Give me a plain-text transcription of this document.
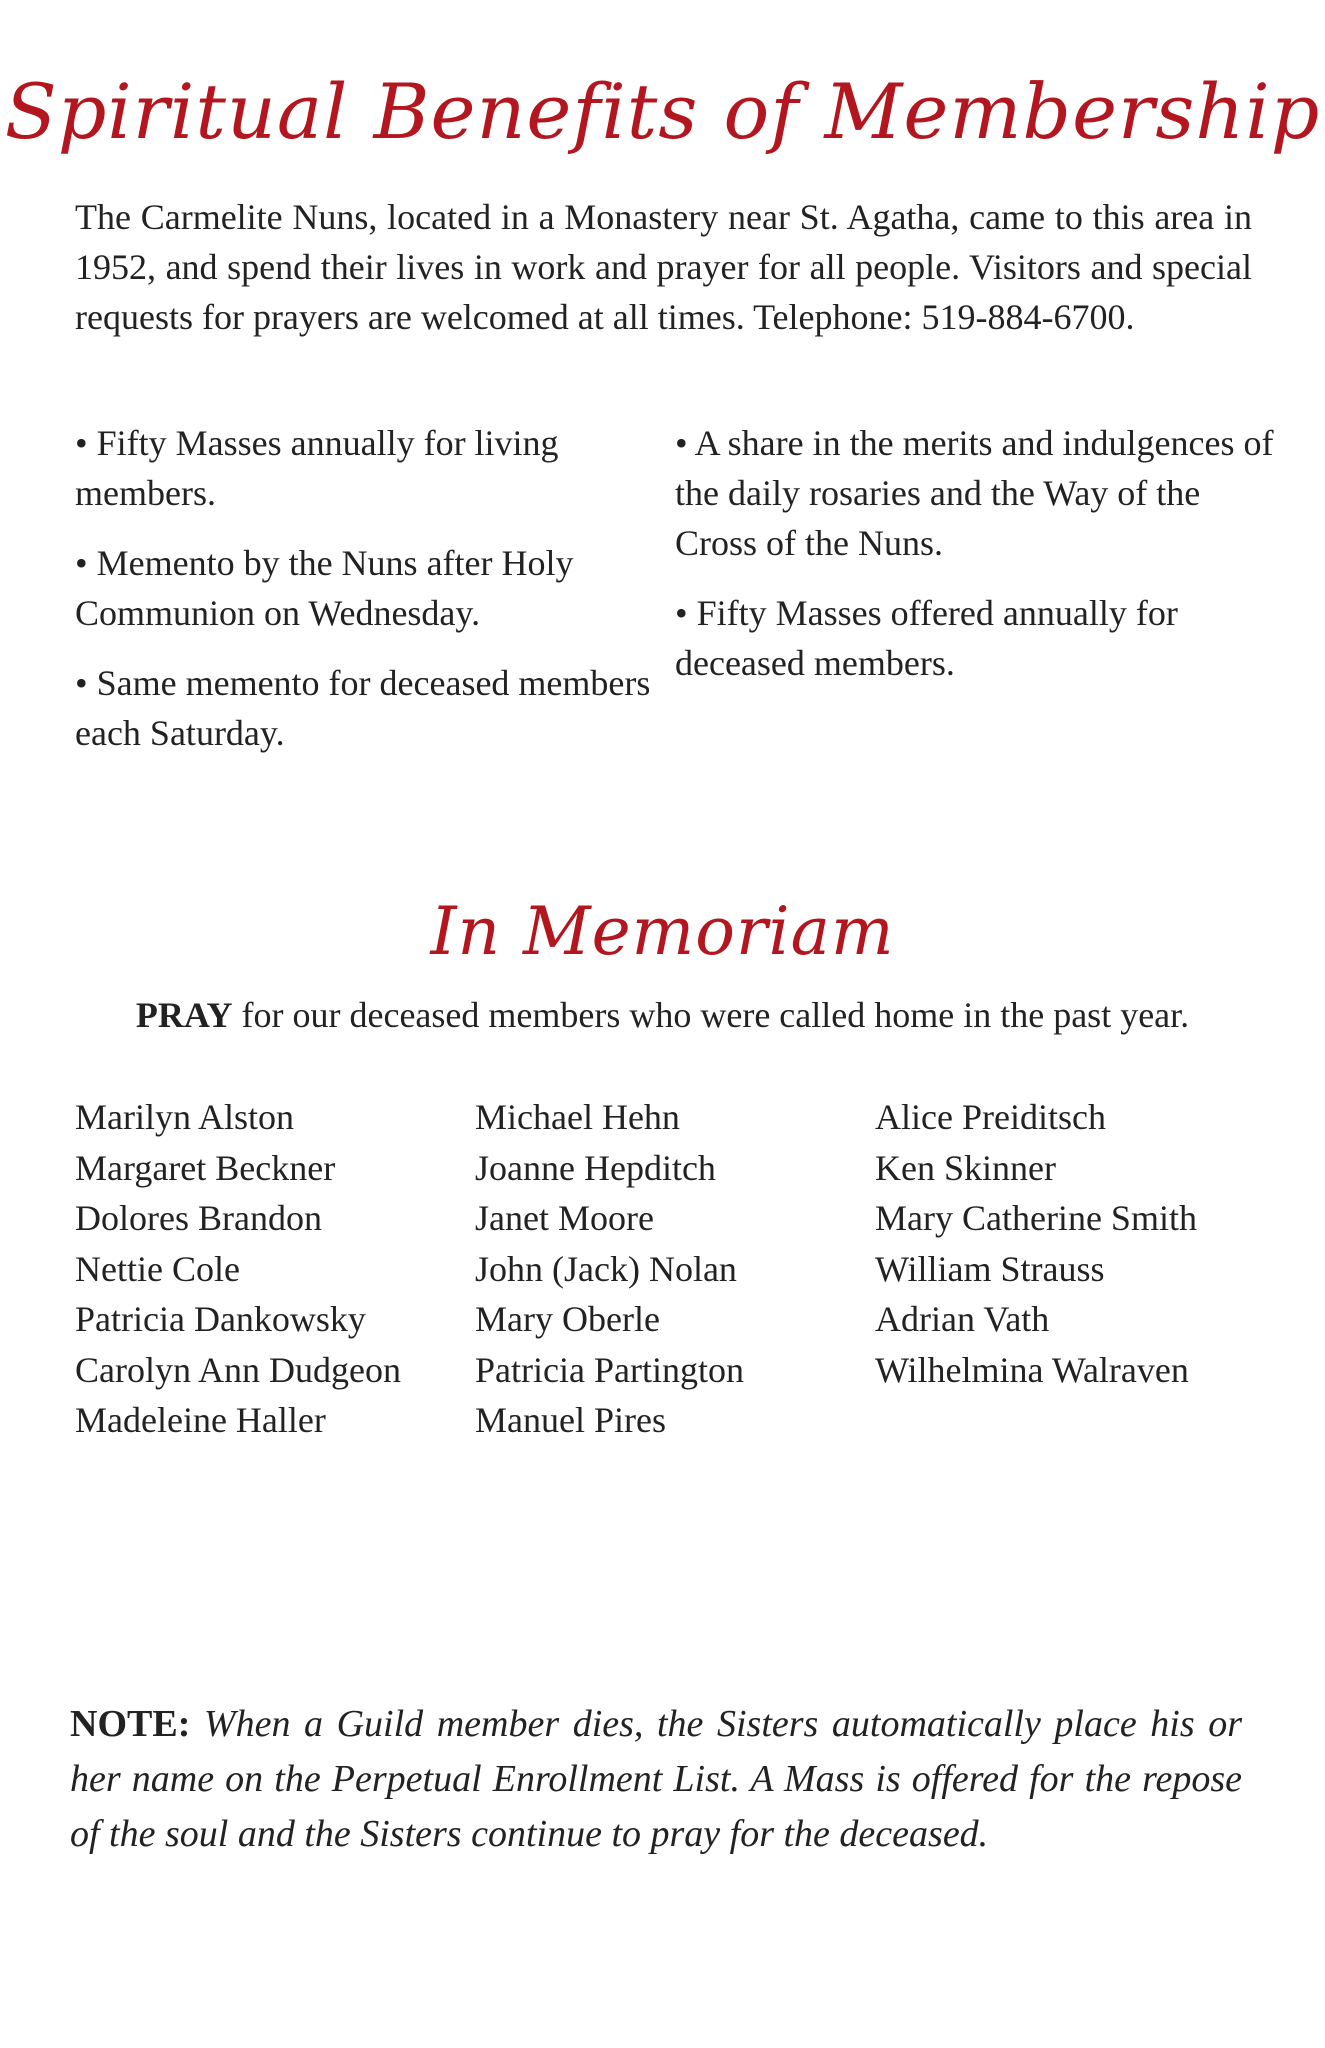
Spiritual Benefits of Membership

The Carmelite Nuns, located in a Monastery near St. Agatha, came to this area in 1952, and spend their lives in work and prayer for all people. Visitors and special requests for prayers are welcomed at all times. Telephone: 519-884-6700.

• Fifty Masses annually for living members.

• Memento by the Nuns after Holy Communion on Wednesday.

• Same memento for deceased members each Saturday.

• A share in the merits and indulgences of the daily rosaries and the Way of the Cross of the Nuns.

• Fifty Masses offered annually for deceased members.

In Memoriam

PRAY for our deceased members who were called home in the past year.

Marilyn Alston
Margaret Beckner
Dolores Brandon
Nettie Cole
Patricia Dankowsky
Carolyn Ann Dudgeon
Madeleine Haller
Michael Hehn
Joanne Hepditch
Janet Moore
John (Jack) Nolan
Mary Oberle
Patricia Partington
Manuel Pires
Alice Preiditsch
Ken Skinner
Mary Catherine Smith
William Strauss
Adrian Vath
Wilhelmina Walraven

NOTE: When a Guild member dies, the Sisters automatically place his or her name on the Perpetual Enrollment List. A Mass is offered for the repose of the soul and the Sisters continue to pray for the deceased.
